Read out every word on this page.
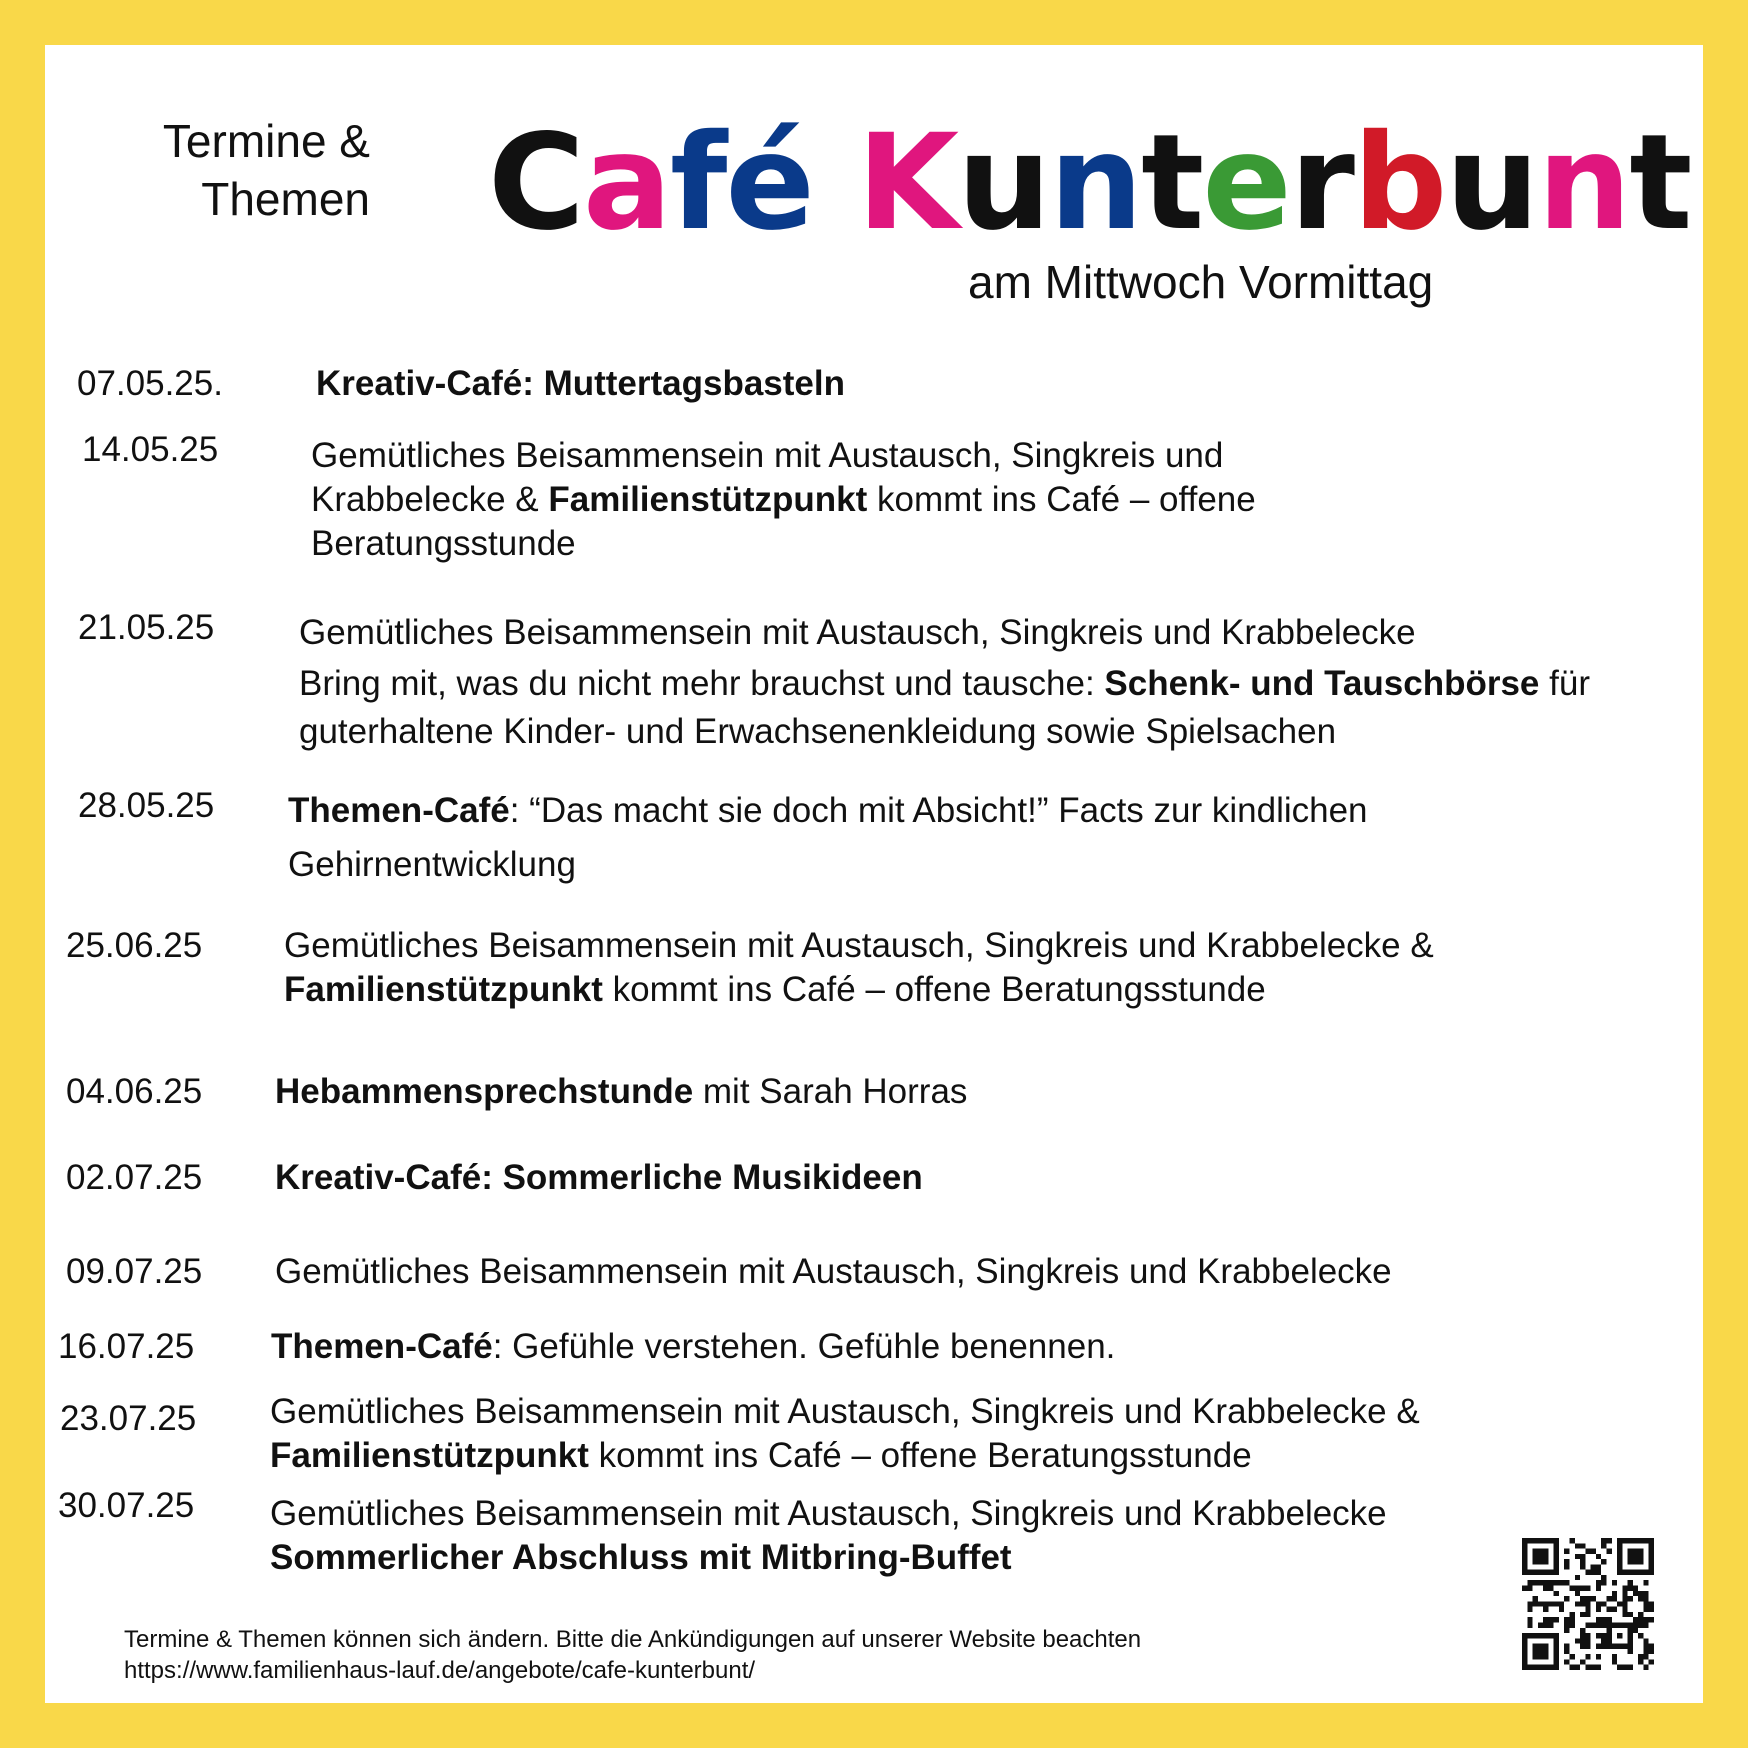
Termine &
Themen Café Kunterbunt
am Mittwoch Vormittag
07.05.25.	Kreativ-Café: Muttertagsbasteln
14.05.25	Gemütliches Beisammensein mit Austausch, Singkreis und
Krabbelecke & Familienstützpunkt kommt ins Café – offene
Beratungsstunde
21.05.25 Gemütliches Beisammensein mit Austausch, Singkreis und Krabbelecke
Bring mit, was du nicht mehr brauchst und tausche: Schenk- und Tauschbörse für
guterhaltene Kinder- und Erwachsenenkleidung sowie Spielsachen
28.05.25 Themen-Café: “Das macht sie doch mit Absicht!” Facts zur kindlichen
Gehirnentwicklung
25.06.25 Gemütliches Beisammensein mit Austausch, Singkreis und Krabbelecke &
Familienstützpunkt kommt ins Café – offene Beratungsstunde
04.06.25 Hebammensprechstunde mit Sarah Horras
02.07.25 Kreativ-Café: Sommerliche Musikideen
09.07.25 Gemütliches Beisammensein mit Austausch, Singkreis und Krabbelecke
16.07.25 Themen-Café: Gefühle verstehen. Gefühle benennen.
23.07.25 Gemütliches Beisammensein mit Austausch, Singkreis und Krabbelecke &
Familienstützpunkt kommt ins Café – offene Beratungsstunde
30.07.25 Gemütliches Beisammensein mit Austausch, Singkreis und Krabbelecke
Sommerlicher Abschluss mit Mitbring-Buffet
Termine & Themen können sich ändern. Bitte die Ankündigungen auf unserer Website beachten
https://www.familienhaus-lauf.de/angebote/cafe-kunterbunt/
